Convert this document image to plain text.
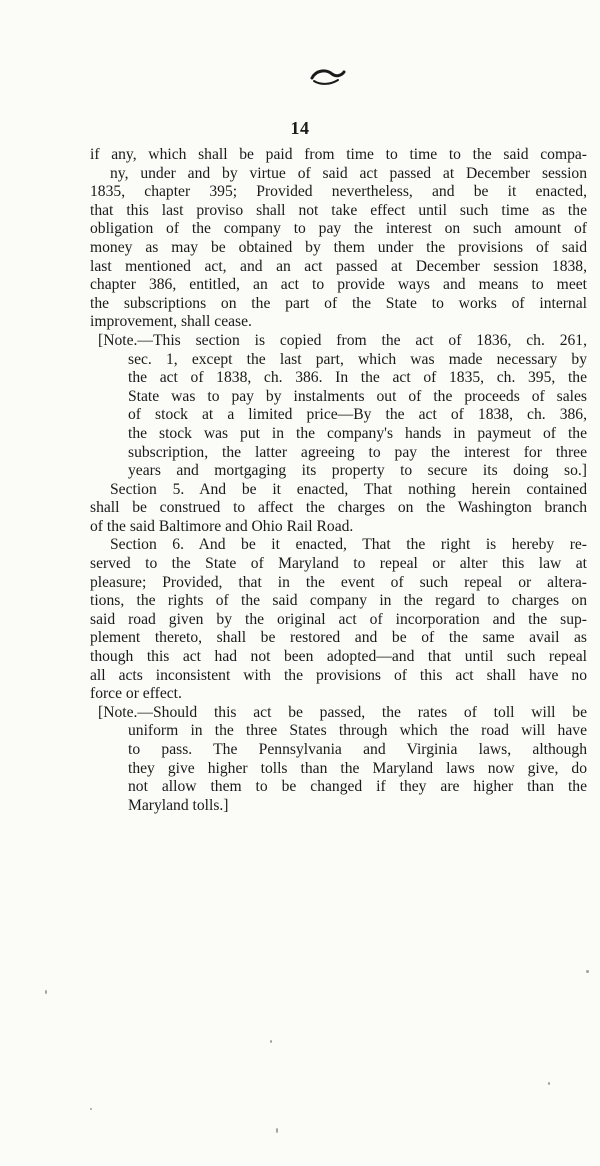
14
if any, which shall be paid from time to time to the said compa-
ny, under and by virtue of said act passed at December session
1835, chapter 395; Provided nevertheless, and be it enacted,
that this last proviso shall not take effect until such time as the
obligation of the company to pay the interest on such amount of
money as may be obtained by them under the provisions of said
last mentioned act, and an act passed at December session 1838,
chapter 386, entitled, an act to provide ways and means to meet
the subscriptions on the part of the State to works of internal
improvement, shall cease.
[Note.—This section is copied from the act of 1836, ch. 261,
sec. 1, except the last part, which was made necessary by
the act of 1838, ch. 386. In the act of 1835, ch. 395, the
State was to pay by instalments out of the proceeds of sales
of stock at a limited price—By the act of 1838, ch. 386,
the stock was put in the company's hands in paymeut of the
subscription, the latter agreeing to pay the interest for three
years and mortgaging its property to secure its doing so.]
Section 5. And be it enacted, That nothing herein contained
shall be construed to affect the charges on the Washington branch
of the said Baltimore and Ohio Rail Road.
Section 6. And be it enacted, That the right is hereby re-
served to the State of Maryland to repeal or alter this law at
pleasure; Provided, that in the event of such repeal or altera-
tions, the rights of the said company in the regard to charges on
said road given by the original act of incorporation and the sup-
plement thereto, shall be restored and be of the same avail as
though this act had not been adopted—and that until such repeal
all acts inconsistent with the provisions of this act shall have no
force or effect.
[Note.—Should this act be passed, the rates of toll will be
uniform in the three States through which the road will have
to pass. The Pennsylvania and Virginia laws, although
they give higher tolls than the Maryland laws now give, do
not allow them to be changed if they are higher than the
Maryland tolls.]
